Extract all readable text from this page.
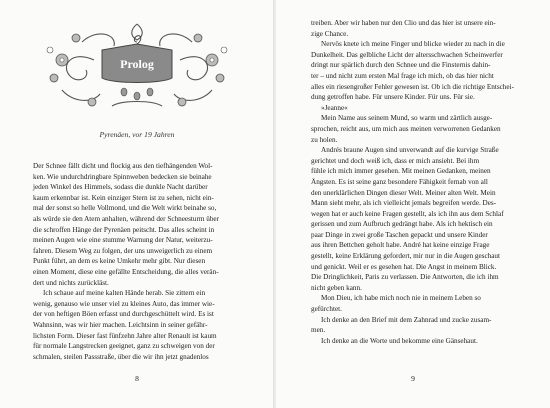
Prolog
Pyrenäen, vor 19 Jahren

Der Schnee fällt dicht und flockig aus den tiefhängenden Wol-

ken. Wie undurchdringbare Spinnweben bedecken sie beinahe

jeden Winkel des Himmels, sodass die dunkle Nacht darüber

kaum erkennbar ist. Kein einziger Stern ist zu sehen, nicht ein-

mal der sonst so helle Vollmond, und die Welt wirkt beinahe so,

als würde sie den Atem anhalten, während der Schneesturm über

die schroffen Hänge der Pyrenäen peitscht. Das alles scheint in

meinen Augen wie eine stumme Warnung der Natur, weiterzu-

fahren. Diesem Weg zu folgen, der uns unweigerlich zu einem

Punkt führt, an dem es keine Umkehr mehr gibt. Nur diesen

einen Moment, diese eine gefällte Entscheidung, die alles verän-

dert und nichts zurückläst.

Ich schaue auf meine kalten Hände herab. Sie zittern ein

wenig, genauso wie unser viel zu kleines Auto, das immer wie-

der von heftigen Böen erfasst und durchgeschüttelt wird. Es ist

Wahnsinn, was wir hier machen. Leichtsinn in seiner gefähr-

lichsten Form. Dieser fast fünfzehn Jahre alter Renault ist kaum

für normale Langstrecken geeignet, ganz zu schweigen von der

schmalen, steilen Passstraße, über die wir ihn jetzt gnadenlos

8

treiben. Aber wir haben nur den Clio und das hier ist unsere ein-

zige Chance.

Nervös knete ich meine Finger und blicke wieder zu nach in die

Dunkelheit. Das gelbliche Licht der altersschwachen Scheinwerfer

dringt nur spärlich durch den Schnee und die Finsternis dahin-

ter – und nicht zum ersten Mal frage ich mich, ob das hier nicht

alles ein riesengroßer Fehler gewesen ist. Ob ich die richtige Entschei-

dung getroffen habe. Für unsere Kinder. Für uns. Für sie.

»Jeanne«

Mein Name aus seinem Mund, so warm und zärtlich ausge-

sprochen, reicht aus, um mich aus meinen verworrenen Gedanken

zu holen.

Andrés braune Augen sind unverwandt auf die kurvige Straße

gerichtet und doch weiß ich, dass er mich ansieht. Bei ihm

fühle ich mich immer gesehen. Mit meinen Gedanken, meinen

Ängsten. Es ist seine ganz besondere Fähigkeit fernab von all

den unerklärlichen Dingen dieser Welt. Meiner alten Welt. Mein

Mann sieht mehr, als ich vielleicht jemals begreifen werde. Des-

wegen hat er auch keine Fragen gestellt, als ich ihn aus dem Schlaf

gerissen und zum Aufbruch gedrängt habe. Als ich hektisch ein

paar Dinge in zwei große Taschen gepackt und unsere Kinder

aus ihren Bettchen geholt habe. André hat keine einzige Frage

gestellt, keine Erklärung gefordert, mir nur in die Augen geschaut

und genickt. Weil er es gesehen hat. Die Angst in meinem Blick.

Die Dringlichkeit, Paris zu verlassen. Die Antworten, die ich ihm

nicht geben kann.

Mon Dieu, ich habe mich noch nie in meinem Leben so

gefürchtet.

Ich denke an den Brief mit dem Zahnrad und zucke zusam-

men.

Ich denke an die Worte und bekomme eine Gänsehaut.

9
